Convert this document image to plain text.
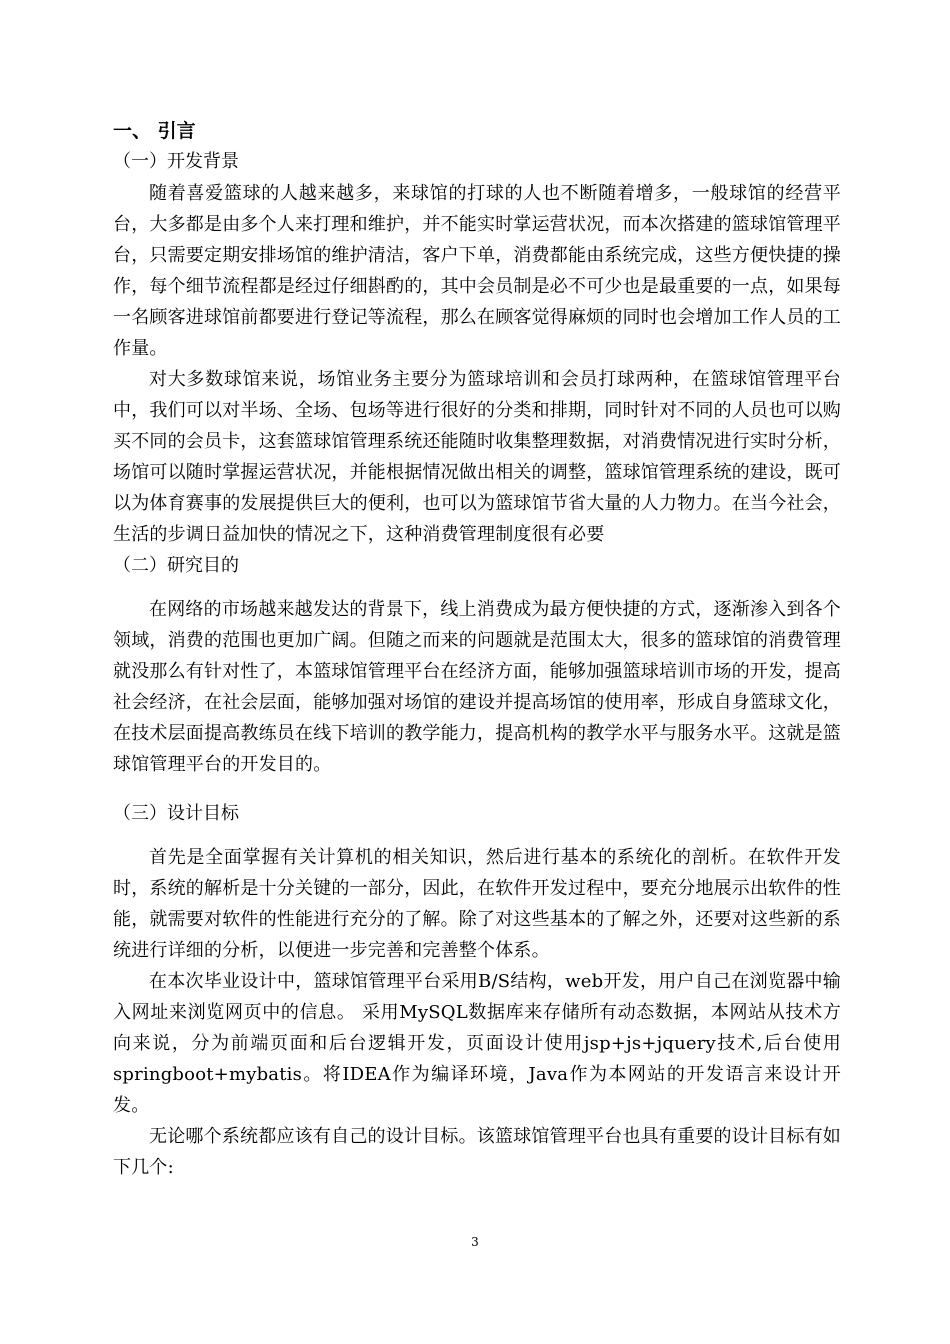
一、 引言
（一）开发背景

随着喜爱篮球的人越来越多，来球馆的打球的人也不断随着增多，一般球馆的经营平台，大多都是由多个人来打理和维护，并不能实时掌运营状况，而本次搭建的篮球馆管理平台，只需要定期安排场馆的维护清洁，客户下单，消费都能由系统完成，这些方便快捷的操作，每个细节流程都是经过仔细斟酌的，其中会员制是必不可少也是最重要的一点，如果每一名顾客进球馆前都要进行登记等流程，那么在顾客觉得麻烦的同时也会增加工作人员的工作量。

对大多数球馆来说，场馆业务主要分为篮球培训和会员打球两种，在篮球馆管理平台中，我们可以对半场、全场、包场等进行很好的分类和排期，同时针对不同的人员也可以购买不同的会员卡，这套篮球馆管理系统还能随时收集整理数据，对消费情况进行实时分析，场馆可以随时掌握运营状况，并能根据情况做出相关的调整，篮球馆管理系统的建设，既可以为体育赛事的发展提供巨大的便利，也可以为篮球馆节省大量的人力物力。在当今社会，生活的步调日益加快的情况之下，这种消费管理制度很有必要

（二）研究目的

在网络的市场越来越发达的背景下，线上消费成为最方便快捷的方式，逐渐渗入到各个领域，消费的范围也更加广阔。但随之而来的问题就是范围太大，很多的篮球馆的消费管理就没那么有针对性了，本篮球馆管理平台在经济方面，能够加强篮球培训市场的开发，提高社会经济，在社会层面，能够加强对场馆的建设并提高场馆的使用率，形成自身篮球文化，在技术层面提高教练员在线下培训的教学能力，提高机构的教学水平与服务水平。这就是篮球馆管理平台的开发目的。

（三）设计目标

首先是全面掌握有关计算机的相关知识，然后进行基本的系统化的剖析。在软件开发时，系统的解析是十分关键的一部分，因此，在软件开发过程中，要充分地展示出软件的性能，就需要对软件的性能进行充分的了解。除了对这些基本的了解之外，还要对这些新的系统进行详细的分析，以便进一步完善和完善整个体系。

在本次毕业设计中，篮球馆管理平台采用B/S结构，web开发，用户自己在浏览器中输入网址来浏览网页中的信息。 采用MySQL数据库来存储所有动态数据，本网站从技术方向来说，分为前端页面和后台逻辑开发，页面设计使用jsp+js+jquery技术,后台使用springboot+mybatis。将IDEA作为编译环境，Java作为本网站的开发语言来设计开发。

无论哪个系统都应该有自己的设计目标。该篮球馆管理平台也具有重要的设计目标有如下几个:

3
